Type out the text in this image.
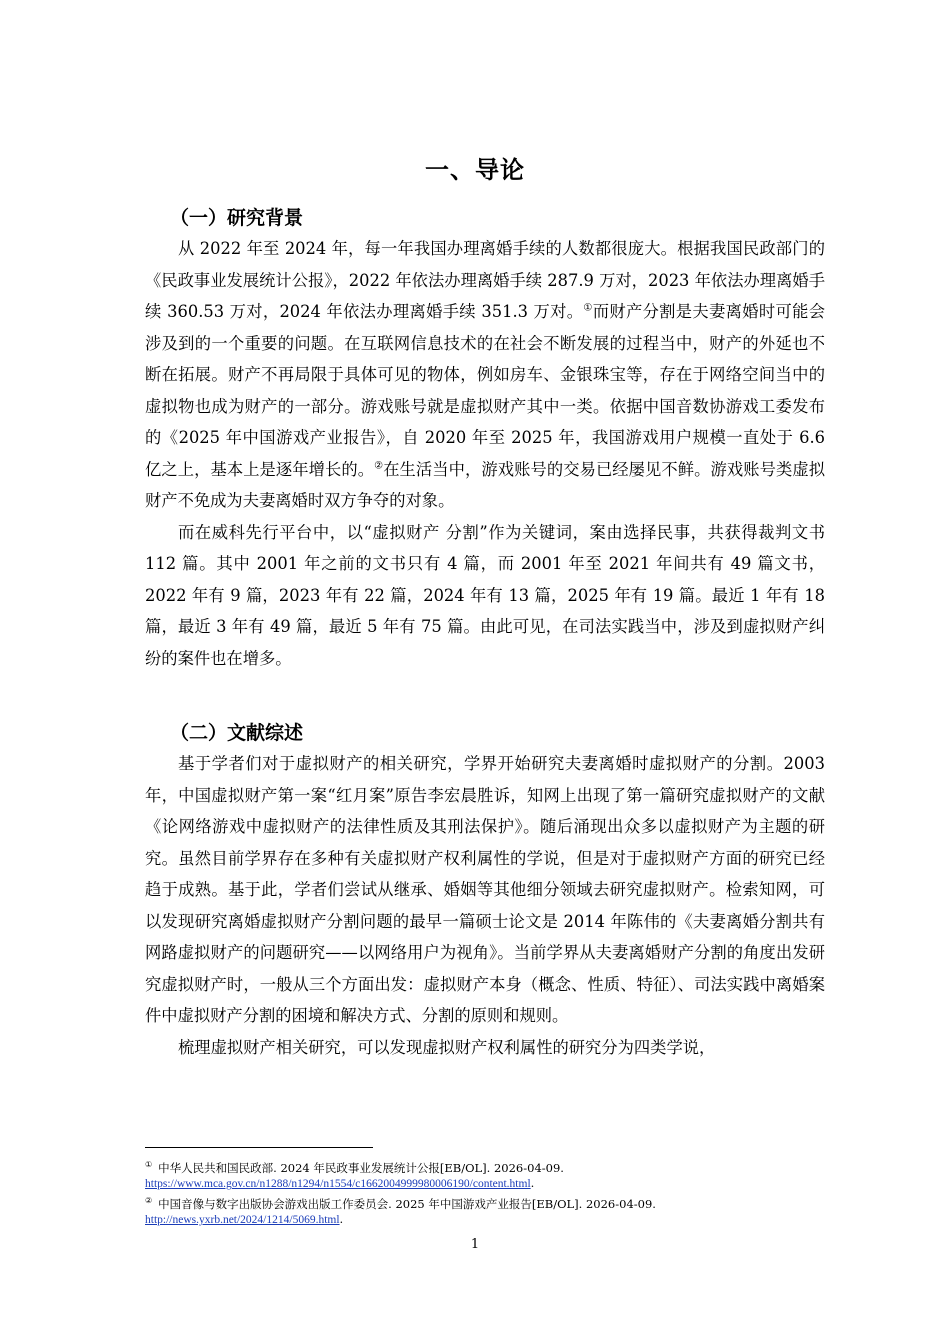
一、导论
（一）研究背景

从 2022 年至 2024 年，每一年我国办理离婚手续的人数都很庞大。根据我国民政部门的《民政事业发展统计公报》，2022 年依法办理离婚手续 287.9 万对，2023 年依法办理离婚手续 360.53 万对，2024 年依法办理离婚手续 351.3 万对。①而财产分割是夫妻离婚时可能会涉及到的一个重要的问题。在互联网信息技术的在社会不断发展的过程当中，财产的外延也不断在拓展。财产不再局限于具体可见的物体，例如房车、金银珠宝等，存在于网络空间当中的虚拟物也成为财产的一部分。游戏账号就是虚拟财产其中一类。依据中国音数协游戏工委发布的《2025 年中国游戏产业报告》，自 2020 年至 2025 年，我国游戏用户规模一直处于 6.6 亿之上，基本上是逐年增长的。②在生活当中，游戏账号的交易已经屡见不鲜。游戏账号类虚拟财产不免成为夫妻离婚时双方争夺的对象。

而在威科先行平台中，以“虚拟财产 分割”作为关键词，案由选择民事，共获得裁判文书 112 篇。其中 2001 年之前的文书只有 4 篇，而 2001 年至 2021 年间共有 49 篇文书，2022 年有 9 篇，2023 年有 22 篇，2024 年有 13 篇，2025 年有 19 篇。最近 1 年有 18 篇，最近 3 年有 49 篇，最近 5 年有 75 篇。由此可见，在司法实践当中，涉及到虚拟财产纠纷的案件也在增多。

（二）文献综述

基于学者们对于虚拟财产的相关研究，学界开始研究夫妻离婚时虚拟财产的分割。2003 年，中国虚拟财产第一案“红月案”原告李宏晨胜诉，知网上出现了第一篇研究虚拟财产的文献《论网络游戏中虚拟财产的法律性质及其刑法保护》。随后涌现出众多以虚拟财产为主题的研究。虽然目前学界存在多种有关虚拟财产权利属性的学说，但是对于虚拟财产方面的研究已经趋于成熟。基于此，学者们尝试从继承、婚姻等其他细分领域去研究虚拟财产。检索知网，可以发现研究离婚虚拟财产分割问题的最早一篇硕士论文是 2014 年陈伟的《夫妻离婚分割共有网路虚拟财产的问题研究——以网络用户为视角》。当前学界从夫妻离婚财产分割的角度出发研究虚拟财产时，一般从三个方面出发：虚拟财产本身（概念、性质、特征）、司法实践中离婚案件中虚拟财产分割的困境和解决方式、分割的原则和规则。

梳理虚拟财产相关研究，可以发现虚拟财产权利属性的研究分为四类学说，

① 中华人民共和国民政部. 2024 年民政事业发展统计公报[EB/OL]. 2026-04-09.
https://www.mca.gov.cn/n1288/n1294/n1554/c1662004999980006190/content.html.

② 中国音像与数字出版协会游戏出版工作委员会. 2025 年中国游戏产业报告[EB/OL]. 2026-04-09.
http://news.yxrb.net/2024/1214/5069.html.

1
